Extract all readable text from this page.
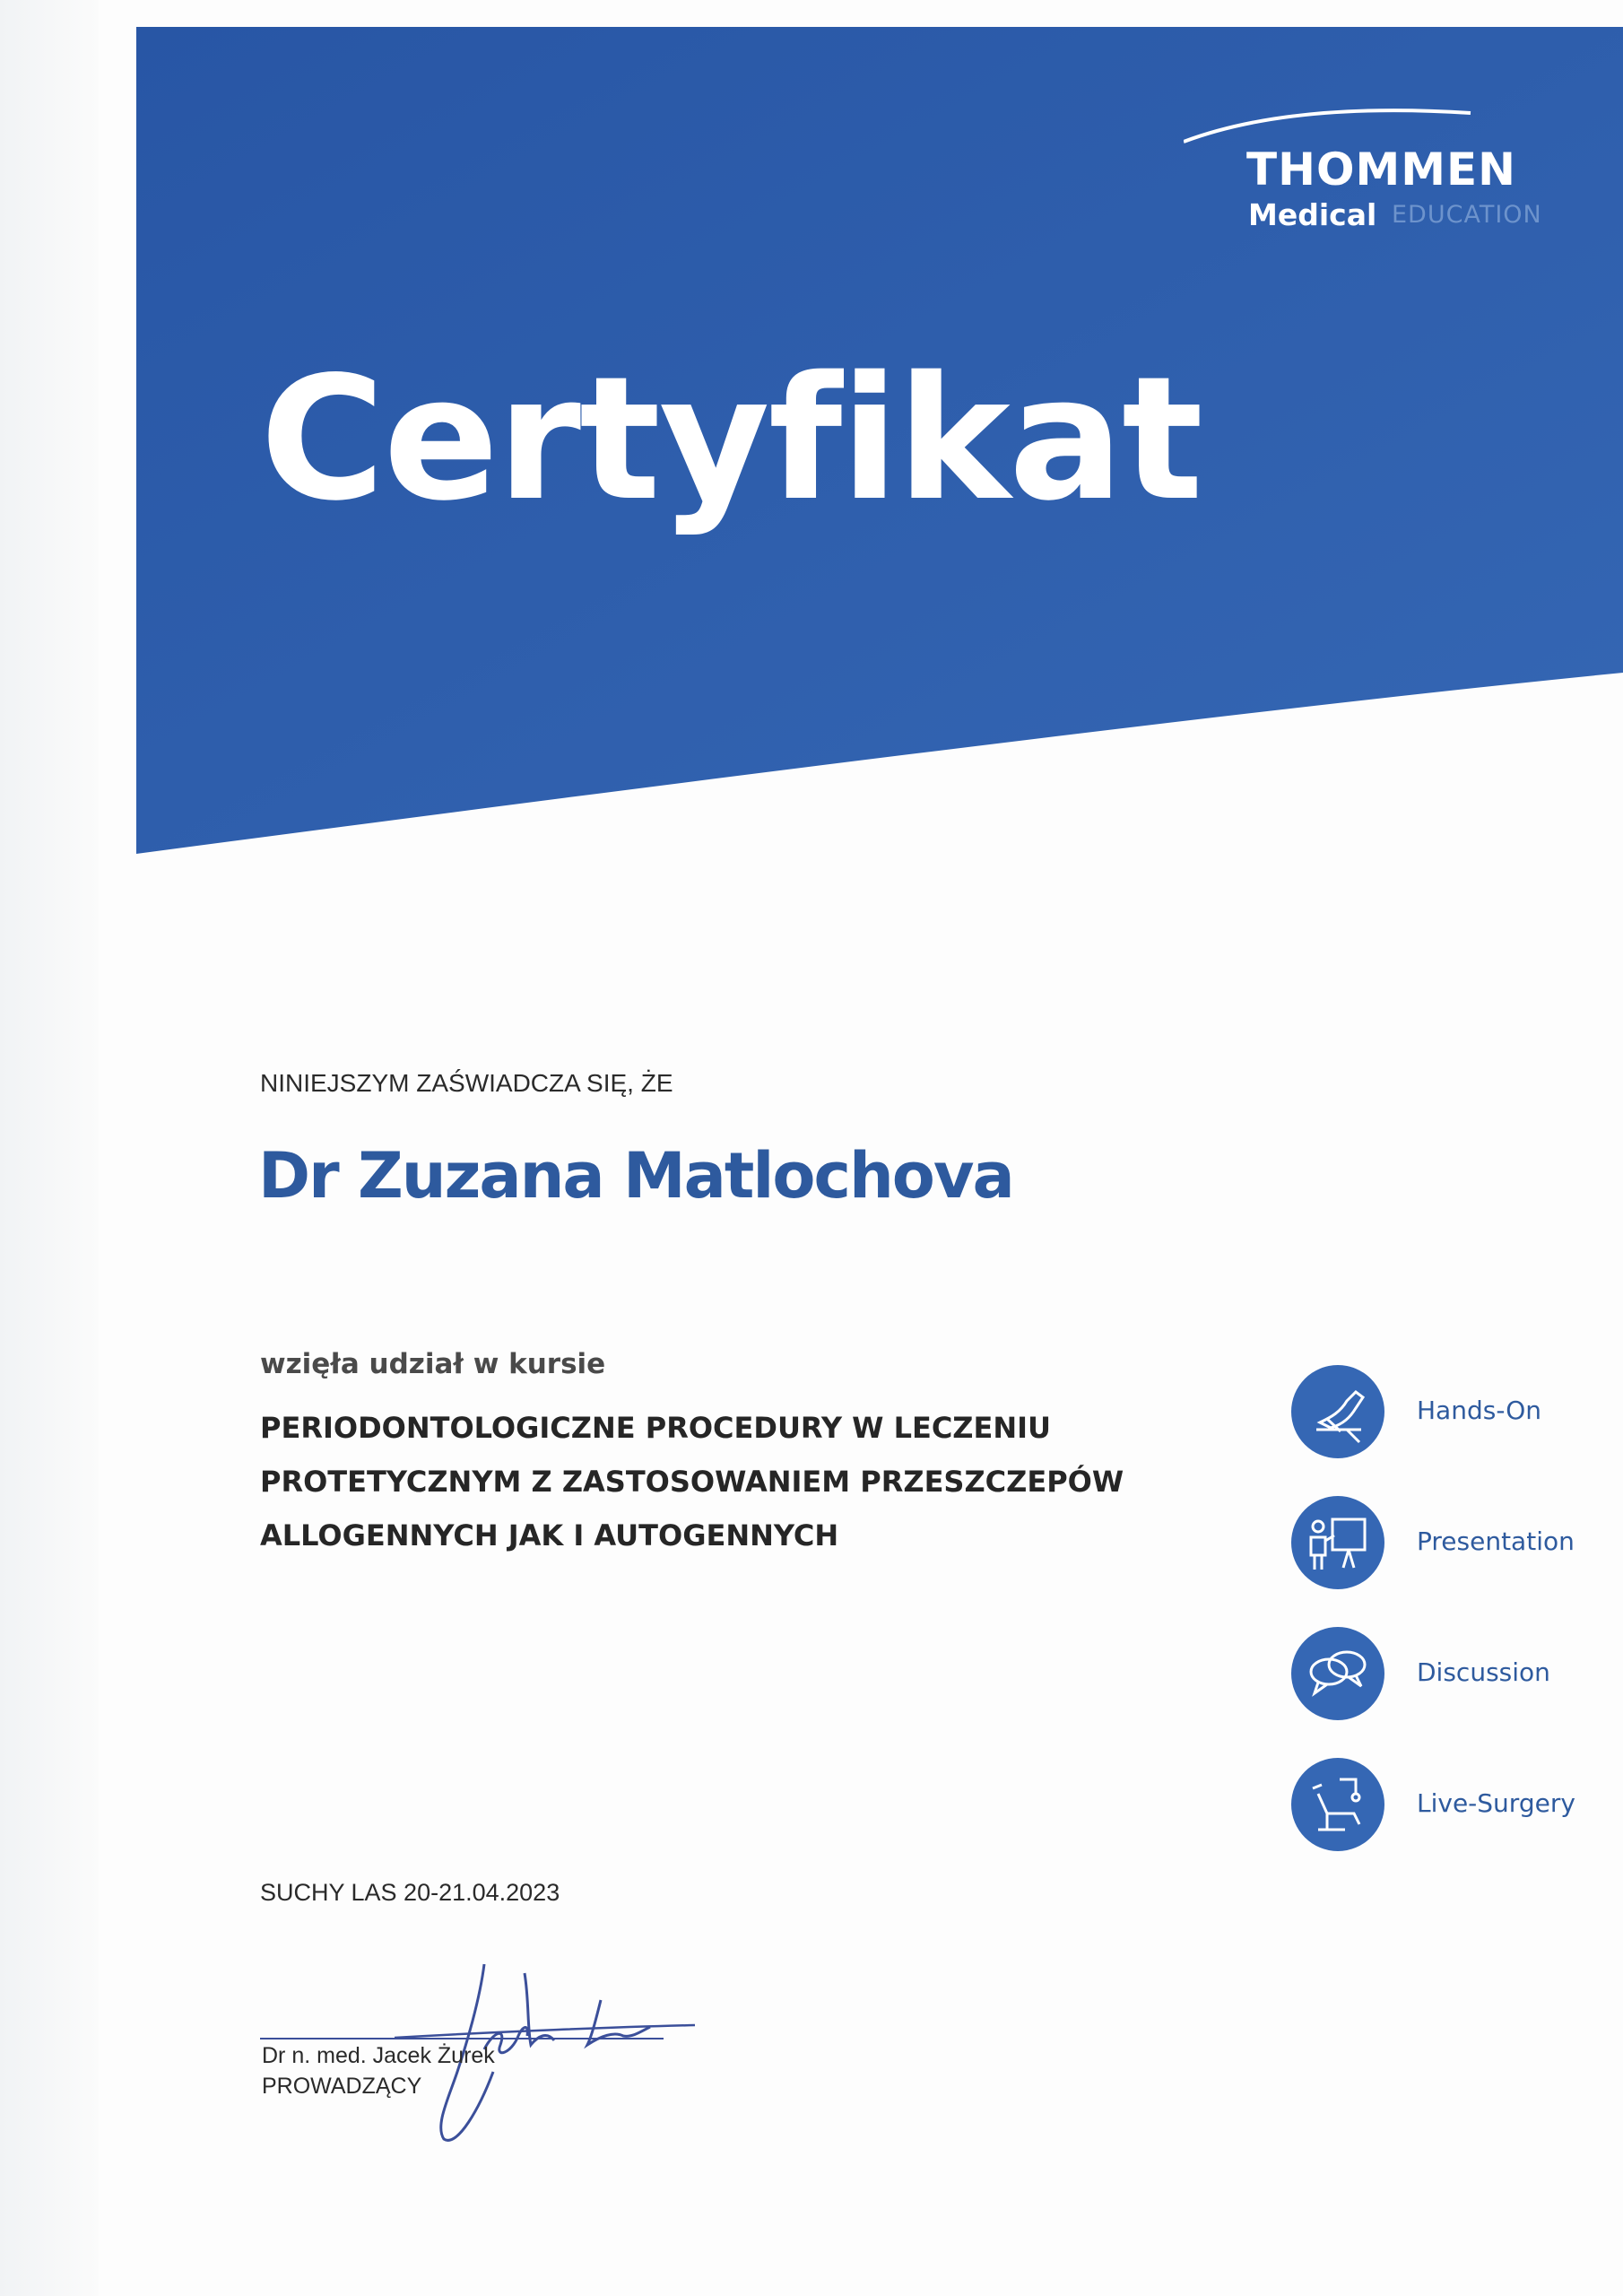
THOMMEN
Medical EDUCATION
Certyfikat
NINIEJSZYM ZAŚWIADCZA SIĘ, ŻE
Dr Zuzana Matlochova
wzięła udział w kursie
PERIODONTOLOGICZNE PROCEDURY W LECZENIU
PROTETYCZNYM Z ZASTOSOWANIEM PRZESZCZEPÓW
ALLOGENNYCH JAK I AUTOGENNYCH
SUCHY LAS 20-21.04.2023
Dr n. med. Jacek Żurek
PROWADZĄCY
Hands-On
Presentation
Discussion
Live-Surgery
